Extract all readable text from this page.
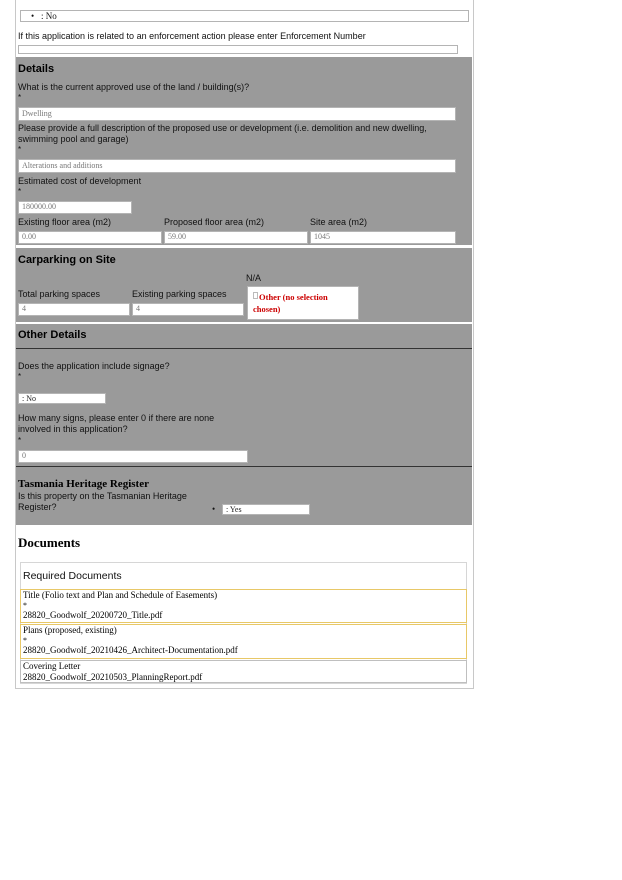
• : No
If this application is related to an enforcement action please enter Enforcement Number
Details
What is the current approved use of the land / building(s)?
*
Dwelling
Please provide a full description of the proposed use or development (i.e. demolition and new dwelling, swimming pool and garage)
*
Alterations and additions
Estimated cost of development
*
180000.00
Existing floor area (m2)	Proposed floor area (m2)	Site area (m2)
0.00	59.00	1045
Carparking on Site
N/A
Total parking spaces	Existing parking spaces
4	4
Other (no selection chosen)
Other Details
Does the application include signage?
*
: No
How many signs, please enter 0 if there are none involved in this application?
*
0
Tasmania Heritage Register
Is this property on the Tasmanian Heritage Register?	•	: Yes
Documents
Required Documents
Title (Folio text and Plan and Schedule of Easements)
*
28820_Goodwolf_20200720_Title.pdf
Plans (proposed, existing)
*
28820_Goodwolf_20210426_Architect-Documentation.pdf
Covering Letter
28820_Goodwolf_20210503_PlanningReport.pdf
